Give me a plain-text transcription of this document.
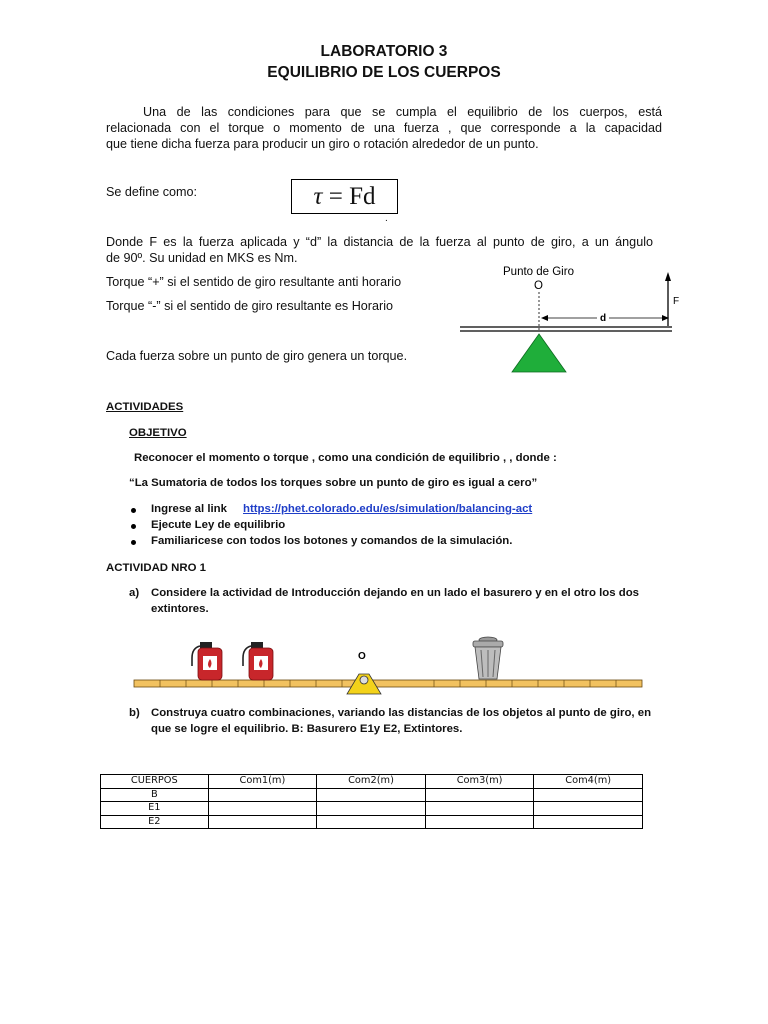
LABORATORIO 3
EQUILIBRIO DE LOS CUERPOS
Una de las condiciones para que se cumpla el equilibrio de los cuerpos, está
relacionada con el torque o momento de una fuerza , que corresponde a la capacidad
que tiene dicha fuerza para producir un giro o rotación alrededor de un punto.
Se define como:	τ = Fd
.
Donde F es la fuerza aplicada y “d” la distancia de la fuerza al punto de giro, a un ángulo
de 90º. Su unidad en MKS es Nm.
Torque “+” si el sentido de giro resultante anti horario
Torque “-” si el sentido de giro resultante es Horario
Cada fuerza sobre un punto de giro genera un torque.
Punto de Giro
O
d
F
ACTIVIDADES
OBJETIVO
Reconocer el momento o torque , como una condición de equilibrio , , donde :
“La Sumatoria de todos los torques sobre un punto de giro es igual a cero”
Ingrese al link https://phet.colorado.edu/es/simulation/balancing-act
Ejecute Ley de equilibrio
Familiaricese con todos los botones y comandos de la simulación.
ACTIVIDAD NRO 1
a) Considere la actividad de Introducción dejando en un lado el basurero y en el otro los dos
extintores.
O
b) Construya cuatro combinaciones, variando las distancias de los objetos al punto de giro, en
que se logre el equilibrio. B: Basurero E1y E2, Extintores.
CUERPOS	Com1(m)	Com2(m)	Com3(m)	Com4(m)
B				
E1				
E2				
